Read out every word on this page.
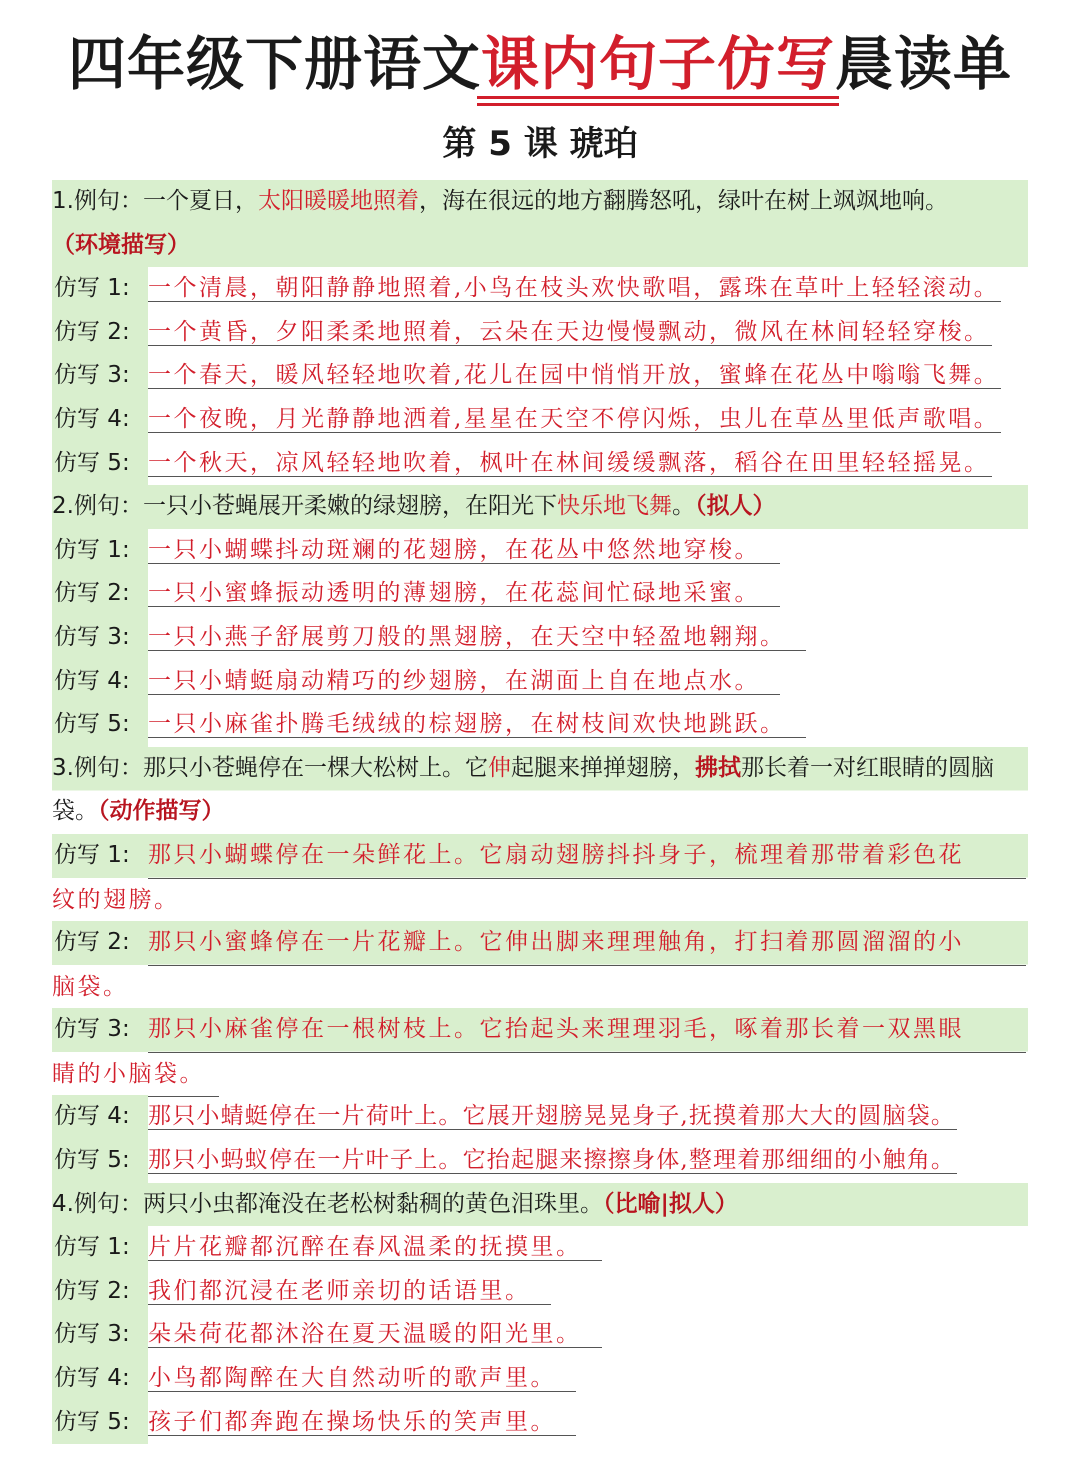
四年级下册语文课内句子仿写晨读单
第 5 课 琥珀
1.例句：一个夏日，太阳暖暖地照着，海在很远的地方翻腾怒吼，绿叶在树上飒飒地响。
（环境描写）
仿写 1: 一个清晨，朝阳静静地照着,小鸟在枝头欢快歌唱，露珠在草叶上轻轻滚动。
仿写 2: 一个黄昏，夕阳柔柔地照着，云朵在天边慢慢飘动，微风在林间轻轻穿梭。
仿写 3: 一个春天，暖风轻轻地吹着,花儿在园中悄悄开放，蜜蜂在花丛中嗡嗡飞舞。
仿写 4: 一个夜晚，月光静静地洒着,星星在天空不停闪烁，虫儿在草丛里低声歌唱。
仿写 5: 一个秋天，凉风轻轻地吹着，枫叶在林间缓缓飘落，稻谷在田里轻轻摇晃。
2.例句：一只小苍蝇展开柔嫩的绿翅膀，在阳光下快乐地飞舞。（拟人）
仿写 1: 一只小蝴蝶抖动斑斓的花翅膀，在花丛中悠然地穿梭。
仿写 2: 一只小蜜蜂振动透明的薄翅膀，在花蕊间忙碌地采蜜。
仿写 3: 一只小燕子舒展剪刀般的黑翅膀，在天空中轻盈地翱翔。
仿写 4: 一只小蜻蜓扇动精巧的纱翅膀，在湖面上自在地点水。
仿写 5: 一只小麻雀扑腾毛绒绒的棕翅膀，在树枝间欢快地跳跃。
3.例句：那只小苍蝇停在一棵大松树上。它伸起腿来掸掸翅膀，拂拭那长着一对红眼睛的圆脑袋。（动作描写）
仿写 1: 那只小蝴蝶停在一朵鲜花上。它扇动翅膀抖抖身子，梳理着那带着彩色花
纹的翅膀。
仿写 2: 那只小蜜蜂停在一片花瓣上。它伸出脚来理理触角，打扫着那圆溜溜的小
脑袋。
仿写 3: 那只小麻雀停在一根树枝上。它抬起头来理理羽毛，啄着那长着一双黑眼
睛的小脑袋。
仿写 4: 那只小蜻蜓停在一片荷叶上。它展开翅膀晃晃身子,抚摸着那大大的圆脑袋。
仿写 5: 那只小蚂蚁停在一片叶子上。它抬起腿来擦擦身体,整理着那细细的小触角。
4.例句：两只小虫都淹没在老松树黏稠的黄色泪珠里。（比喻|拟人）
仿写 1: 片片花瓣都沉醉在春风温柔的抚摸里。
仿写 2: 我们都沉浸在老师亲切的话语里。
仿写 3: 朵朵荷花都沐浴在夏天温暖的阳光里。
仿写 4: 小鸟都陶醉在大自然动听的歌声里。
仿写 5: 孩子们都奔跑在操场快乐的笑声里。
